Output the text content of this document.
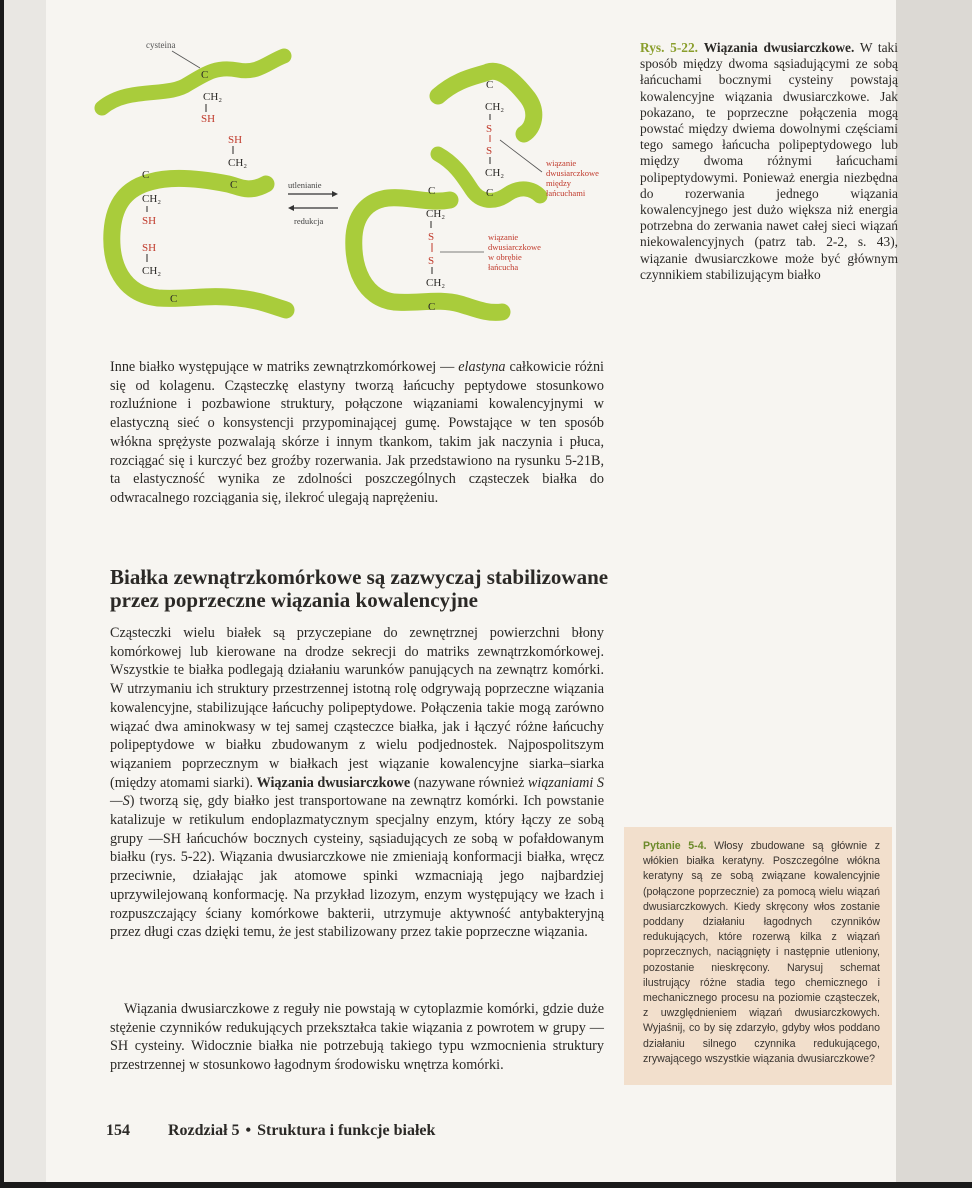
C
CH₂
SH
SH
CH₂
C
C
CH₂
SH
SH
CH₂
C
cysteina
utlenianie
redukcja
C
CH₂
S
S
CH₂
C
C
CH₂
S
S
CH₂
C
wiązanie
dwusiarczkowe
między
łańcuchami
wiązanie
dwusiarczkowe
w obrębie
łańcucha
Rys. 5-22. Wiązania dwusiarczkowe. W taki sposób między dwoma sąsiadującymi ze sobą łańcuchami bocznymi cysteiny powstają kowalencyjne wiązania dwusiarczkowe. Jak pokazano, te poprzeczne połączenia mogą powstać między dwiema dowolnymi częściami tego samego łańcucha polipeptydowego lub między dwoma różnymi łańcuchami polipeptydowymi. Ponieważ energia niezbędna do rozerwania jednego wiązania kowalencyjnego jest dużo większa niż energia potrzebna do zerwania nawet całej sieci wiązań niekowalencyjnych (patrz tab. 2-2, s. 43), wiązanie dwusiarczkowe może być głównym czynnikiem stabilizującym białko
Inne białko występujące w matriks zewnątrzkomórkowej — elastyna całkowicie różni się od kolagenu. Cząsteczkę elastyny tworzą łańcuchy peptydowe stosunkowo rozluźnione i pozbawione struktury, połączone wiązaniami kowalencyjnymi w elastyczną sieć o konsystencji przypominającej gumę. Powstające w ten sposób włókna sprężyste pozwalają skórze i innym tkankom, takim jak naczynia i płuca, rozciągać się i kurczyć bez groźby rozerwania. Jak przedstawiono na rysunku 5-21B, ta elastyczność wynika ze zdolności poszczególnych cząsteczek białka do odwracalnego rozciągania się, ilekroć ulegają naprężeniu.
Białka zewnątrzkomórkowe są zazwyczaj stabilizowane przez poprzeczne wiązania kowalencyjne
Cząsteczki wielu białek są przyczepiane do zewnętrznej powierzchni błony komórkowej lub kierowane na drodze sekrecji do matriks zewnątrzkomórkowej. Wszystkie te białka podlegają działaniu warunków panujących na zewnątrz komórki. W utrzymaniu ich struktury przestrzennej istotną rolę odgrywają poprzeczne wiązania kowalencyjne, stabilizujące łańcuchy polipeptydowe. Połączenia takie mogą zarówno wiązać dwa aminokwasy w tej samej cząsteczce białka, jak i łączyć różne łańcuchy polipeptydowe w białku zbudowanym z wielu podjednostek. Najpospolitszym wiązaniem poprzecznym w białkach jest wiązanie kowalencyjne siarka–siarka (między atomami siarki). Wiązania dwusiarczkowe (nazywane również wiązaniami S—S) tworzą się, gdy białko jest transportowane na zewnątrz komórki. Ich powstanie katalizuje w retikulum endoplazmatycznym specjalny enzym, który łączy ze sobą grupy —SH łańcuchów bocznych cysteiny, sąsiadujących ze sobą w pofałdowanym białku (rys. 5-22). Wiązania dwusiarczkowe nie zmieniają konformacji białka, wręcz przeciwnie, działając jak atomowe spinki wzmacniają jego najbardziej uprzywilejowaną konformację. Na przykład lizozym, enzym występujący we łzach i rozpuszczający ściany komórkowe bakterii, utrzymuje aktywność antybakteryjną przez długi czas dzięki temu, że jest stabilizowany przez takie poprzeczne wiązania.
Wiązania dwusiarczkowe z reguły nie powstają w cytoplazmie komórki, gdzie duże stężenie czynników redukujących przekształca takie wiązania z powrotem w grupy —SH cysteiny. Widocznie białka nie potrzebują takiego typu wzmocnienia struktury przestrzennej w stosunkowo łagodnym środowisku wnętrza komórki.
Pytanie 5-4. Włosy zbudowane są głównie z włókien białka keratyny. Poszczególne włókna keratyny są ze sobą związane kowalencyjnie (połączone poprzecznie) za pomocą wielu wiązań dwusiarczkowych. Kiedy skręcony włos zostanie poddany działaniu łagodnych czynników redukujących, które rozerwą kilka z wiązań poprzecznych, naciągnięty i następnie utleniony, pozostanie nieskręcony. Narysuj schemat ilustrujący różne stadia tego chemicznego i mechanicznego procesu na poziomie cząsteczek, z uwzględnieniem wiązań dwusiarczkowych. Wyjaśnij, co by się zdarzyło, gdyby włos poddano działaniu silnego czynnika redukującego, zrywającego wszystkie wiązania dwusiarczkowe?
154 Rozdział 5 • Struktura i funkcje białek
